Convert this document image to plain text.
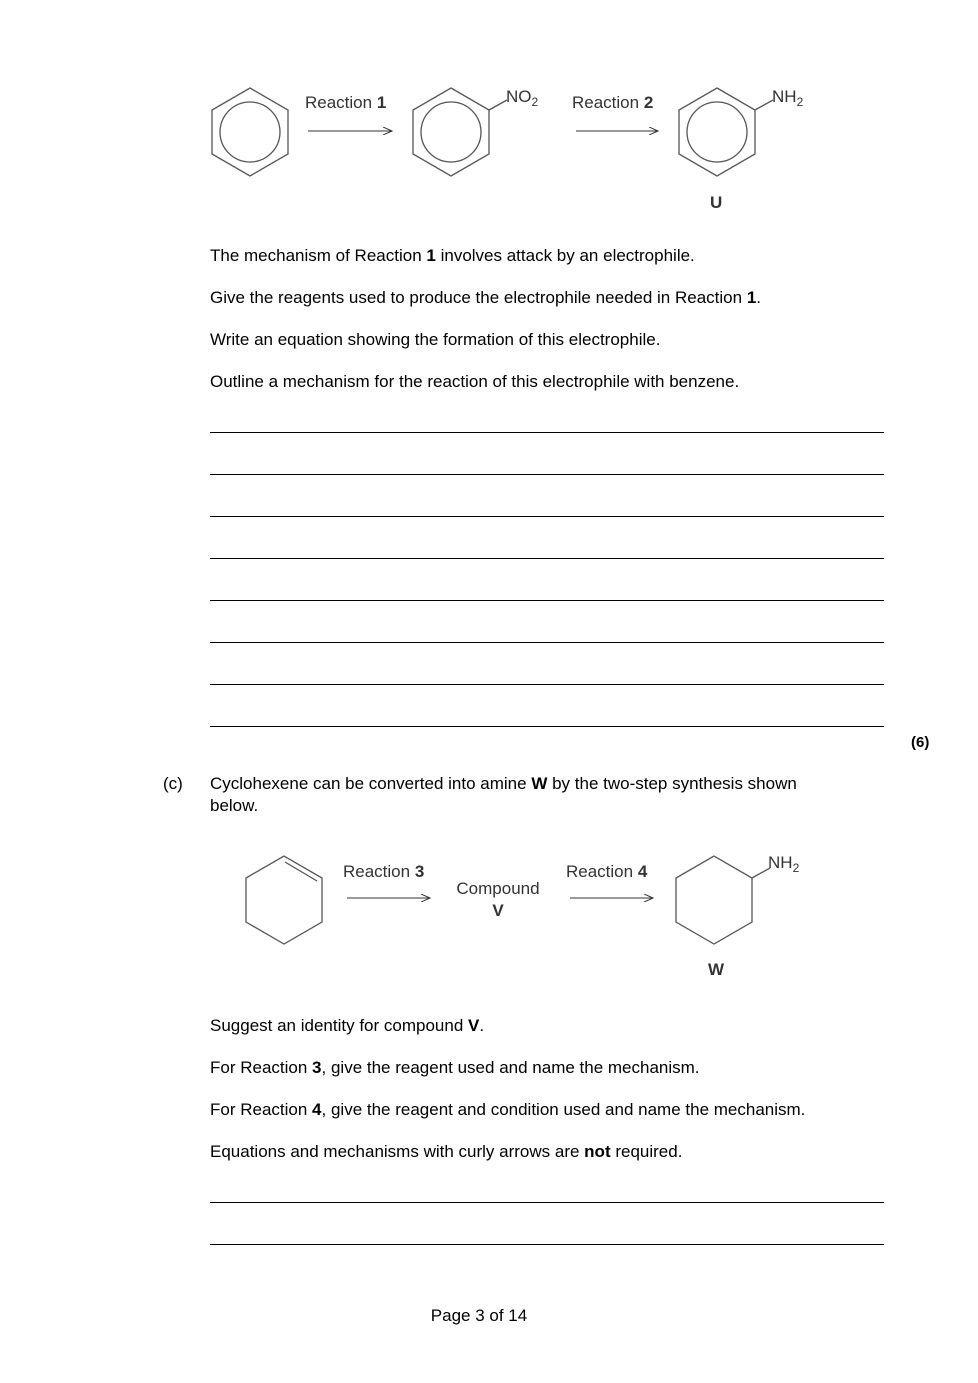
Reaction 1	$NO_2$ Reaction 2	$NH_2$
U
The mechanism of Reaction 1 involves attack by an electrophile.
Give the reagents used to produce the electrophile needed in Reaction 1.
Write an equation showing the formation of this electrophile.
Outline a mechanism for the reaction of this electrophile with benzene.
(6)
(c) Cyclohexene can be converted into amine W by the two-step synthesis shown
below.
Reaction 3
Compound
V
Reaction 4	$NH_2$
W
Suggest an identity for compound V.
For Reaction 3, give the reagent used and name the mechanism.
For Reaction 4, give the reagent and condition used and name the mechanism.
Equations and mechanisms with curly arrows are not required.
Page 3 of 14
